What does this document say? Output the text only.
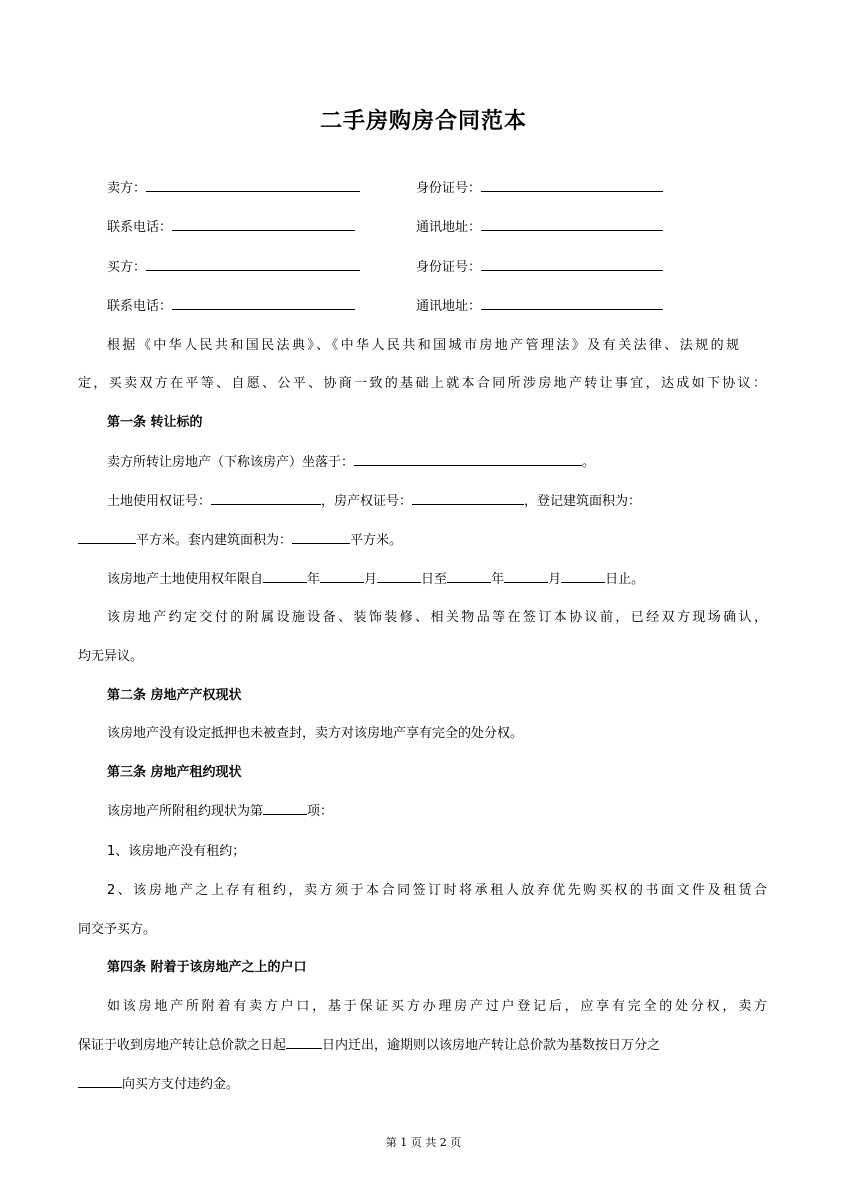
二手房购房合同范本
卖方：	身份证号：
联系电话：	通讯地址：
买方：	身份证号：
联系电话：	通讯地址：
根据《中华人民共和国民法典》、《中华人民共和国城市房地产管理法》及有关法律、法规的规
定，买卖双方在平等、自愿、公平、协商一致的基础上就本合同所涉房地产转让事宜，达成如下协议：
第一条 转让标的
卖方所转让房地产（下称该房产）坐落于：	。
土地使用权证号：	，房产权证号：	，登记建筑面积为：
平方米。套内建筑面积为：	平方米。
该房地产土地使用权年限自	年	月	日至	年	月	日止。
该房地产约定交付的附属设施设备、装饰装修、相关物品等在签订本协议前，已经双方现场确认，
均无异议。
第二条 房地产产权现状
该房地产没有设定抵押也未被查封，卖方对该房地产享有完全的处分权。
第三条 房地产租约现状
该房地产所附租约现状为第	项：
1、该房地产没有租约；
2、该房地产之上存有租约，卖方须于本合同签订时将承租人放弃优先购买权的书面文件及租赁合
同交予买方。
第四条 附着于该房地产之上的户口
如该房地产所附着有卖方户口，基于保证买方办理房产过户登记后，应享有完全的处分权，卖方
保证于收到房地产转让总价款之日起	日内迁出，逾期则以该房地产转让总价款为基数按日万分之
向买方支付违约金。
第 1 页 共 2 页
